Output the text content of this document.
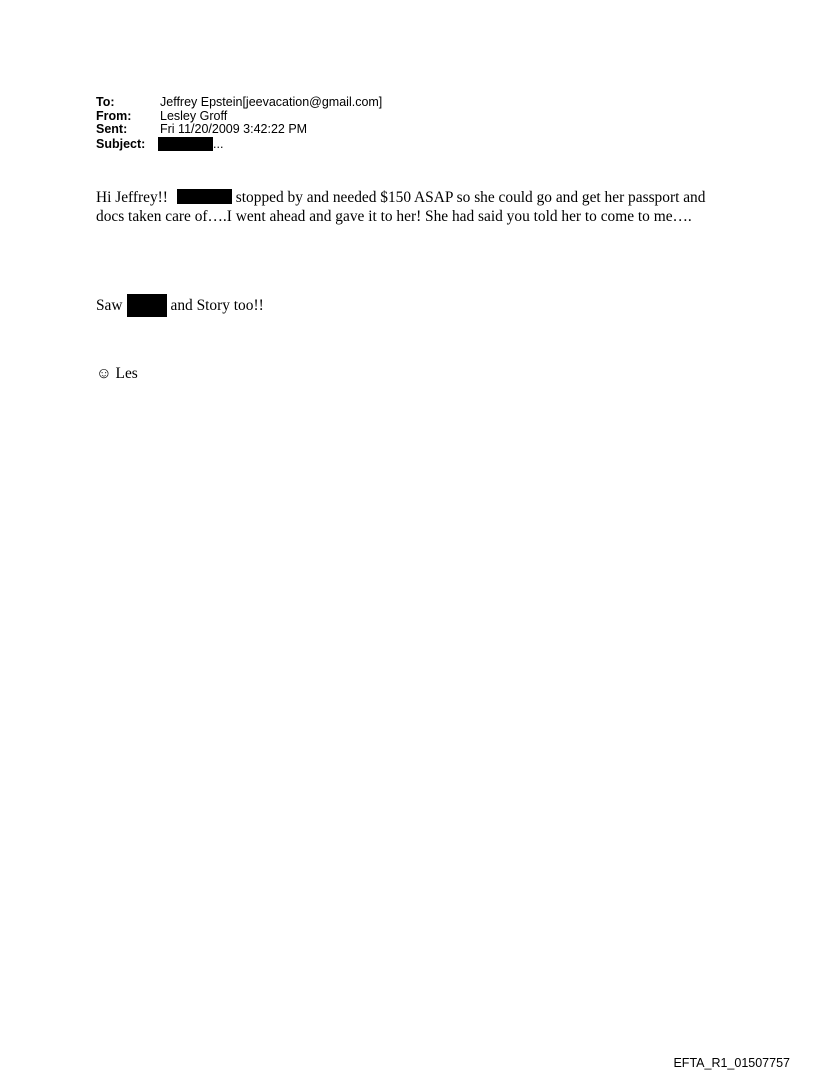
To:	Jeffrey Epstein[jeevacation@gmail.com]
From:	Lesley Groff
Sent:	Fri 11/20/2009 3:42:22 PM
Subject:	...
Hi Jeffrey!!	stopped by and needed $150 ASAP so she could go and get her passport and docs taken care of….I went ahead and gave it to her! She had said you told her to come to me….
Saw	and Story too!!
☺ Les
EFTA_R1_01507757
